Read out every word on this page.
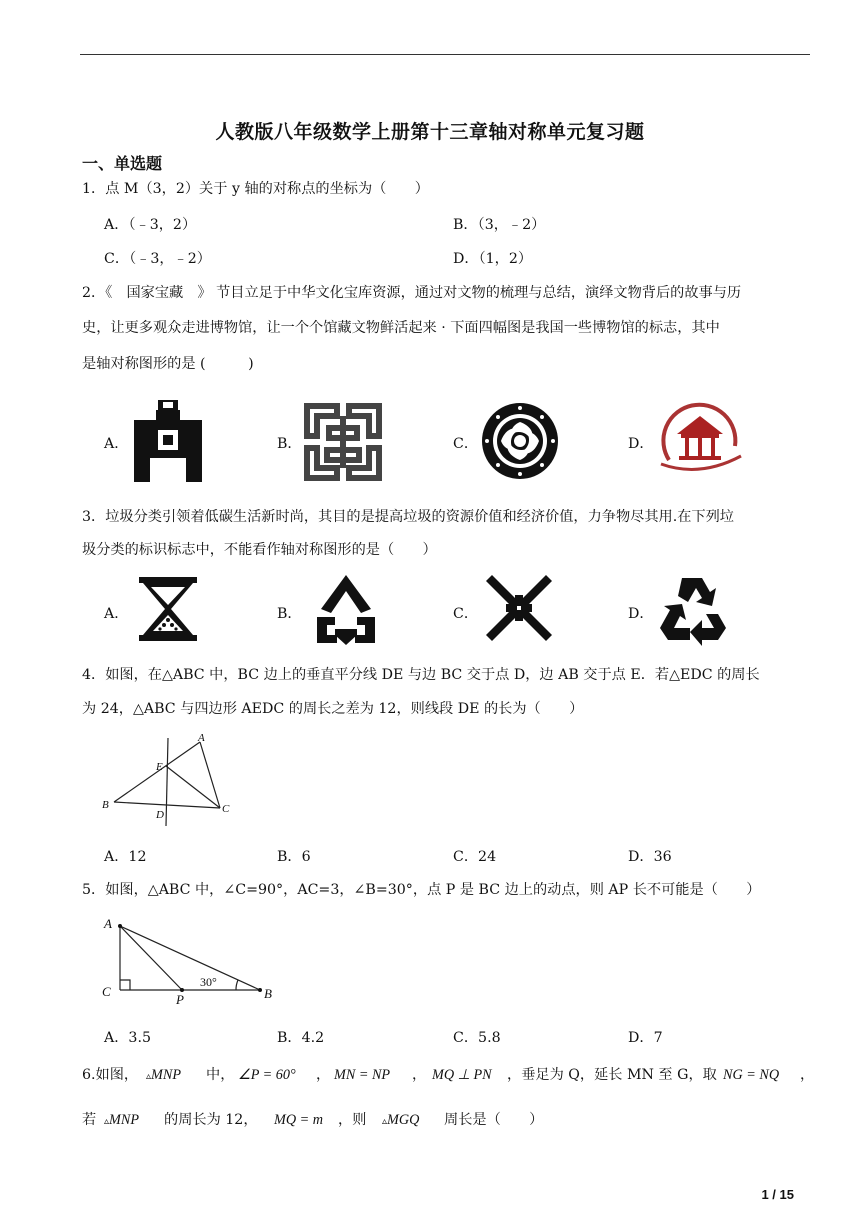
人教版八年级数学上册第十三章轴对称单元复习题
一、单选题
1．点 M（3，2）关于 y 轴的对称点的坐标为（　　）
A．（﹣3，2）	B．（3，﹣2）
C．（﹣3，﹣2）	D．（1，2）
2．《　国家宝藏　》 节目立足于中华文化宝库资源，通过对文物的梳理与总结，演绎文物背后的故事与历
史，让更多观众走进博物馆，让一个个馆藏文物鲜活起来 · 下面四幅图是我国一些博物馆的标志，其中
是轴对称图形的是 (　　　)
A．	B．	C．	D．
3．垃圾分类引领着低碳生活新时尚，其目的是提高垃圾的资源价值和经济价值，力争物尽其用.在下列垃
圾分类的标识标志中，不能看作轴对称图形的是（　　）
A．	B．	C．	D．
4．如图，在△ABC 中，BC 边上的垂直平分线 DE 与边 BC 交于点 D，边 AB 交于点 E．若△EDC 的周长
为 24，△ABC 与四边形 AEDC 的周长之差为 12，则线段 DE 的长为（　　）
A
B	C
D
E
A．12	B．6	C．24	D．36
5．如图，△ABC 中，∠C=90°，AC=3，∠B=30°，点 P 是 BC 边上的动点，则 AP 长不可能是（　　）
A
B
C
P
30°
A．3.5	B．4.2	C．5.8	D．7
6.如图， ▵MNP 中， ∠P = 60° ， MN = NP ， MQ ⊥ PN ，垂足为 Q，延长 MN 至 G，取 NG = NQ ，
若 ▵MNP 的周长为 12， MQ = m ，则 ▵MGQ 周长是（　　）
1 / 15
